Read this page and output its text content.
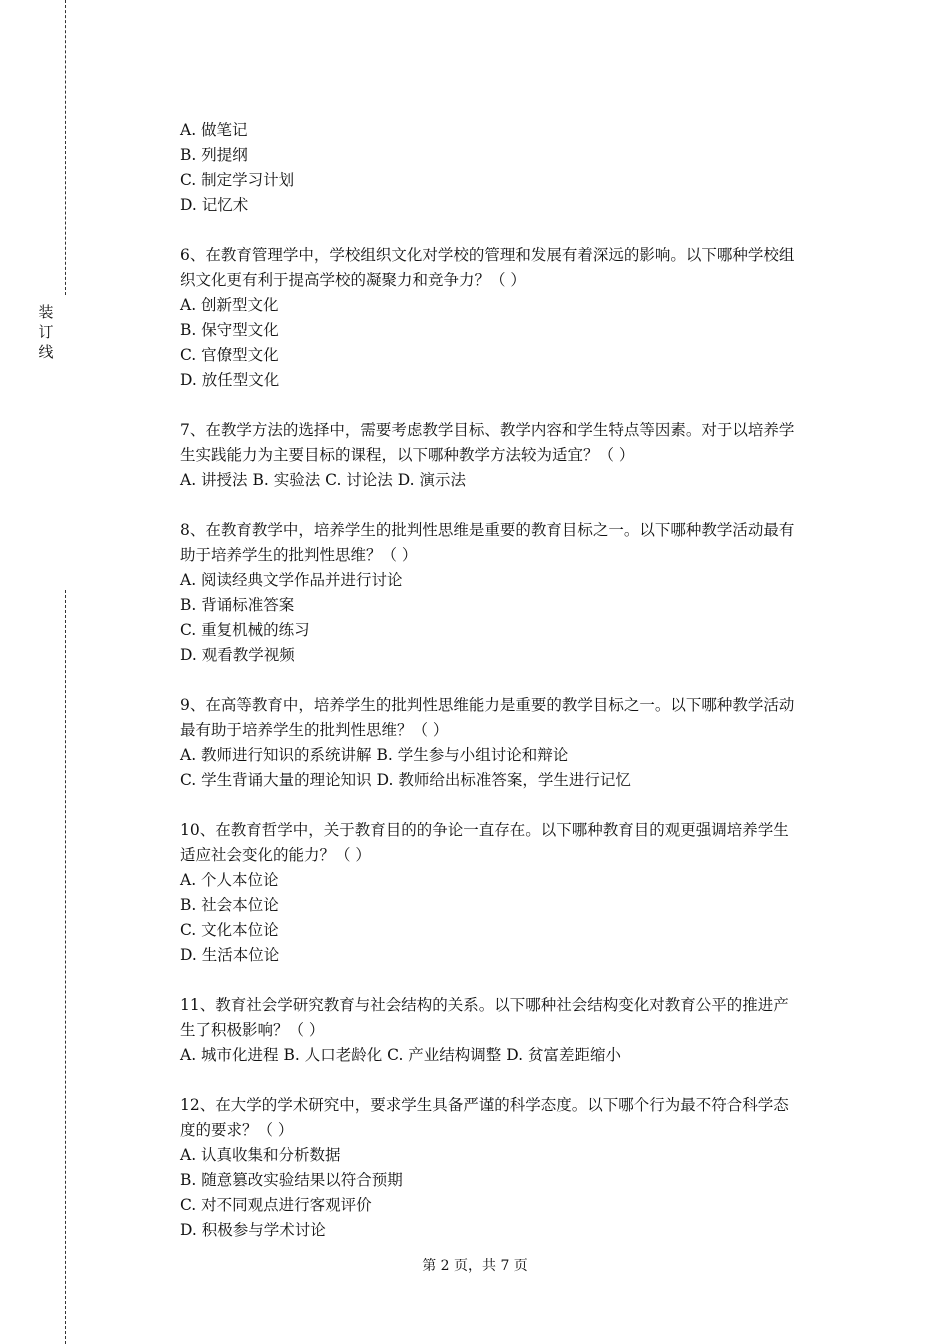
装
订
线
A. 做笔记
B. 列提纲
C. 制定学习计划
D. 记忆术
6、在教育管理学中，学校组织文化对学校的管理和发展有着深远的影响。以下哪种学校组
织文化更有利于提高学校的凝聚力和竞争力？（ ）
A. 创新型文化
B. 保守型文化
C. 官僚型文化
D. 放任型文化
7、在教学方法的选择中，需要考虑教学目标、教学内容和学生特点等因素。对于以培养学
生实践能力为主要目标的课程，以下哪种教学方法较为适宜？（ ）
A. 讲授法 B. 实验法 C. 讨论法 D. 演示法
8、在教育教学中，培养学生的批判性思维是重要的教育目标之一。以下哪种教学活动最有
助于培养学生的批判性思维？（ ）
A. 阅读经典文学作品并进行讨论
B. 背诵标准答案
C. 重复机械的练习
D. 观看教学视频
9、在高等教育中，培养学生的批判性思维能力是重要的教学目标之一。以下哪种教学活动
最有助于培养学生的批判性思维？（ ）
A. 教师进行知识的系统讲解 B. 学生参与小组讨论和辩论
C. 学生背诵大量的理论知识 D. 教师给出标准答案，学生进行记忆
10、在教育哲学中，关于教育目的的争论一直存在。以下哪种教育目的观更强调培养学生
适应社会变化的能力？（ ）
A. 个人本位论
B. 社会本位论
C. 文化本位论
D. 生活本位论
11、教育社会学研究教育与社会结构的关系。以下哪种社会结构变化对教育公平的推进产
生了积极影响？（ ）
A. 城市化进程 B. 人口老龄化 C. 产业结构调整 D. 贫富差距缩小
12、在大学的学术研究中，要求学生具备严谨的科学态度。以下哪个行为最不符合科学态
度的要求？（ ）
A. 认真收集和分析数据
B. 随意篡改实验结果以符合预期
C. 对不同观点进行客观评价
D. 积极参与学术讨论
第 2 页，共 7 页
